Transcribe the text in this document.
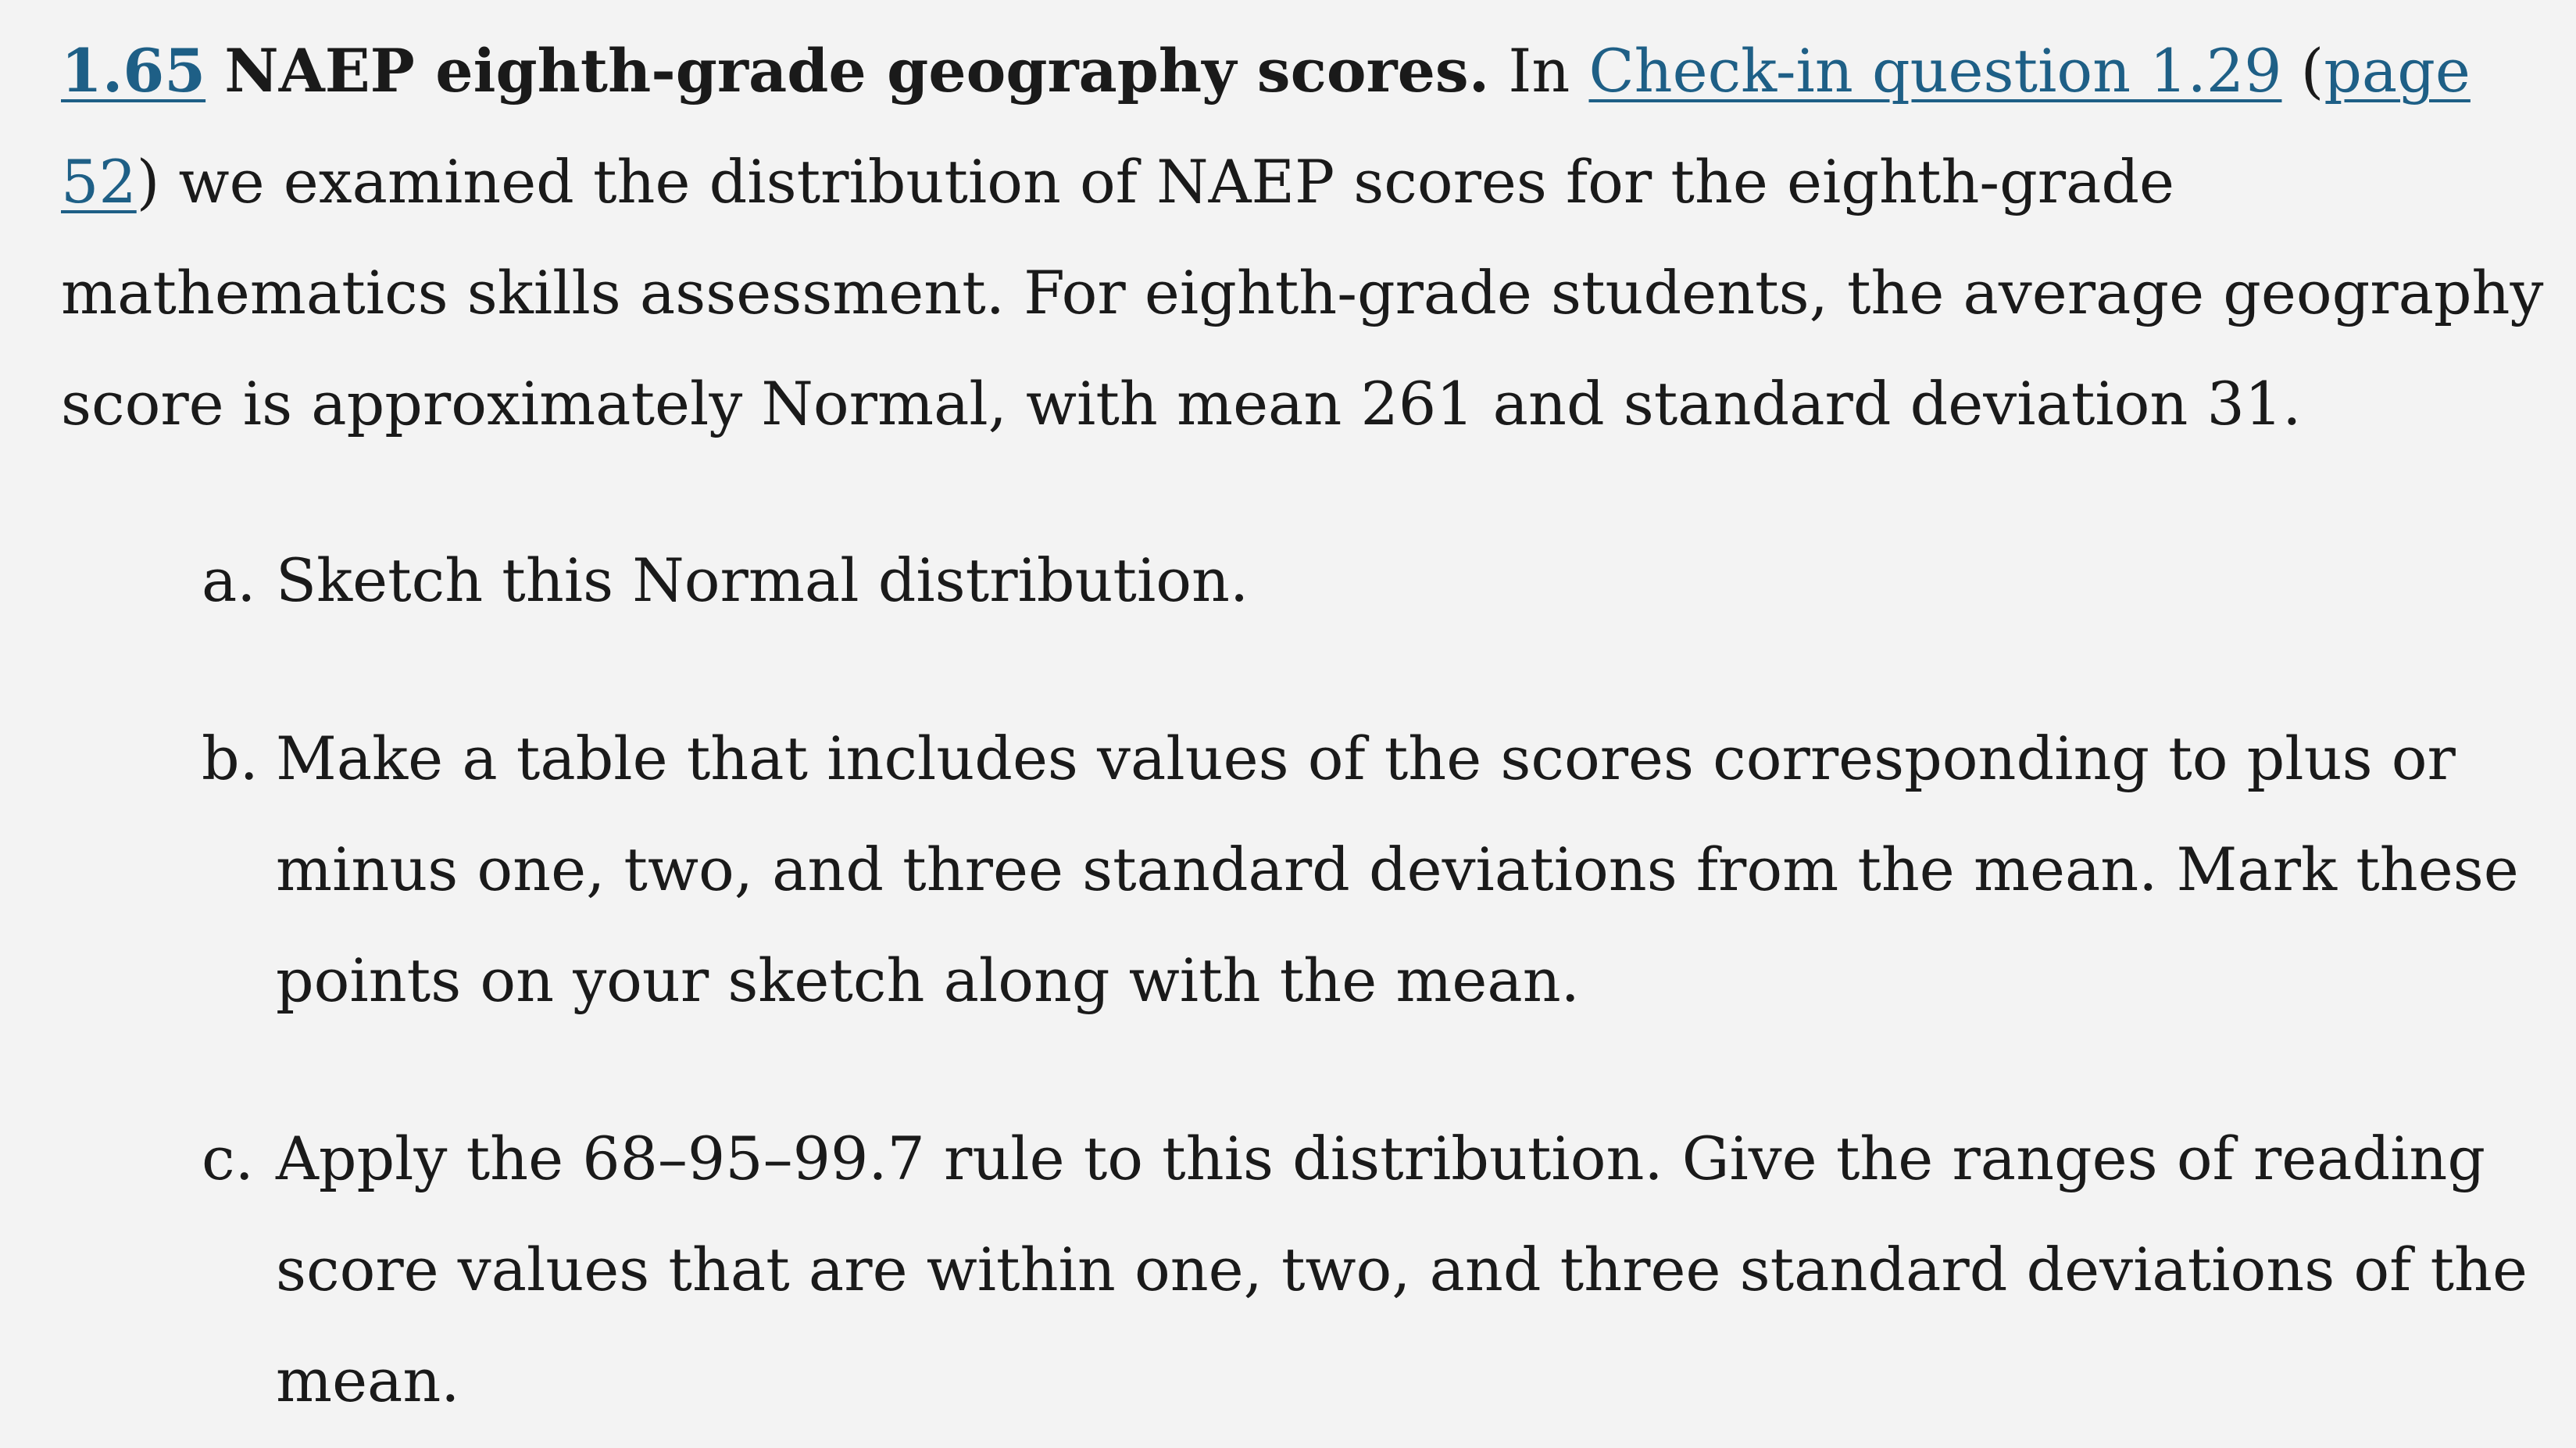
1.65 NAEP eighth-grade geography scores. In Check-in question 1.29 (page 52) we examined the distribution of NAEP scores for the eighth-grade mathematics skills assessment. For eighth-grade students, the average geography score is approximately Normal, with mean 261 and standard deviation 31.

a. Sketch this Normal distribution.
b. Make a table that includes values of the scores corresponding to plus or minus one, two, and three standard deviations from the mean. Mark these points on your sketch along with the mean.
c. Apply the 68–95–99.7 rule to this distribution. Give the ranges of reading score values that are within one, two, and three standard deviations of the mean.
